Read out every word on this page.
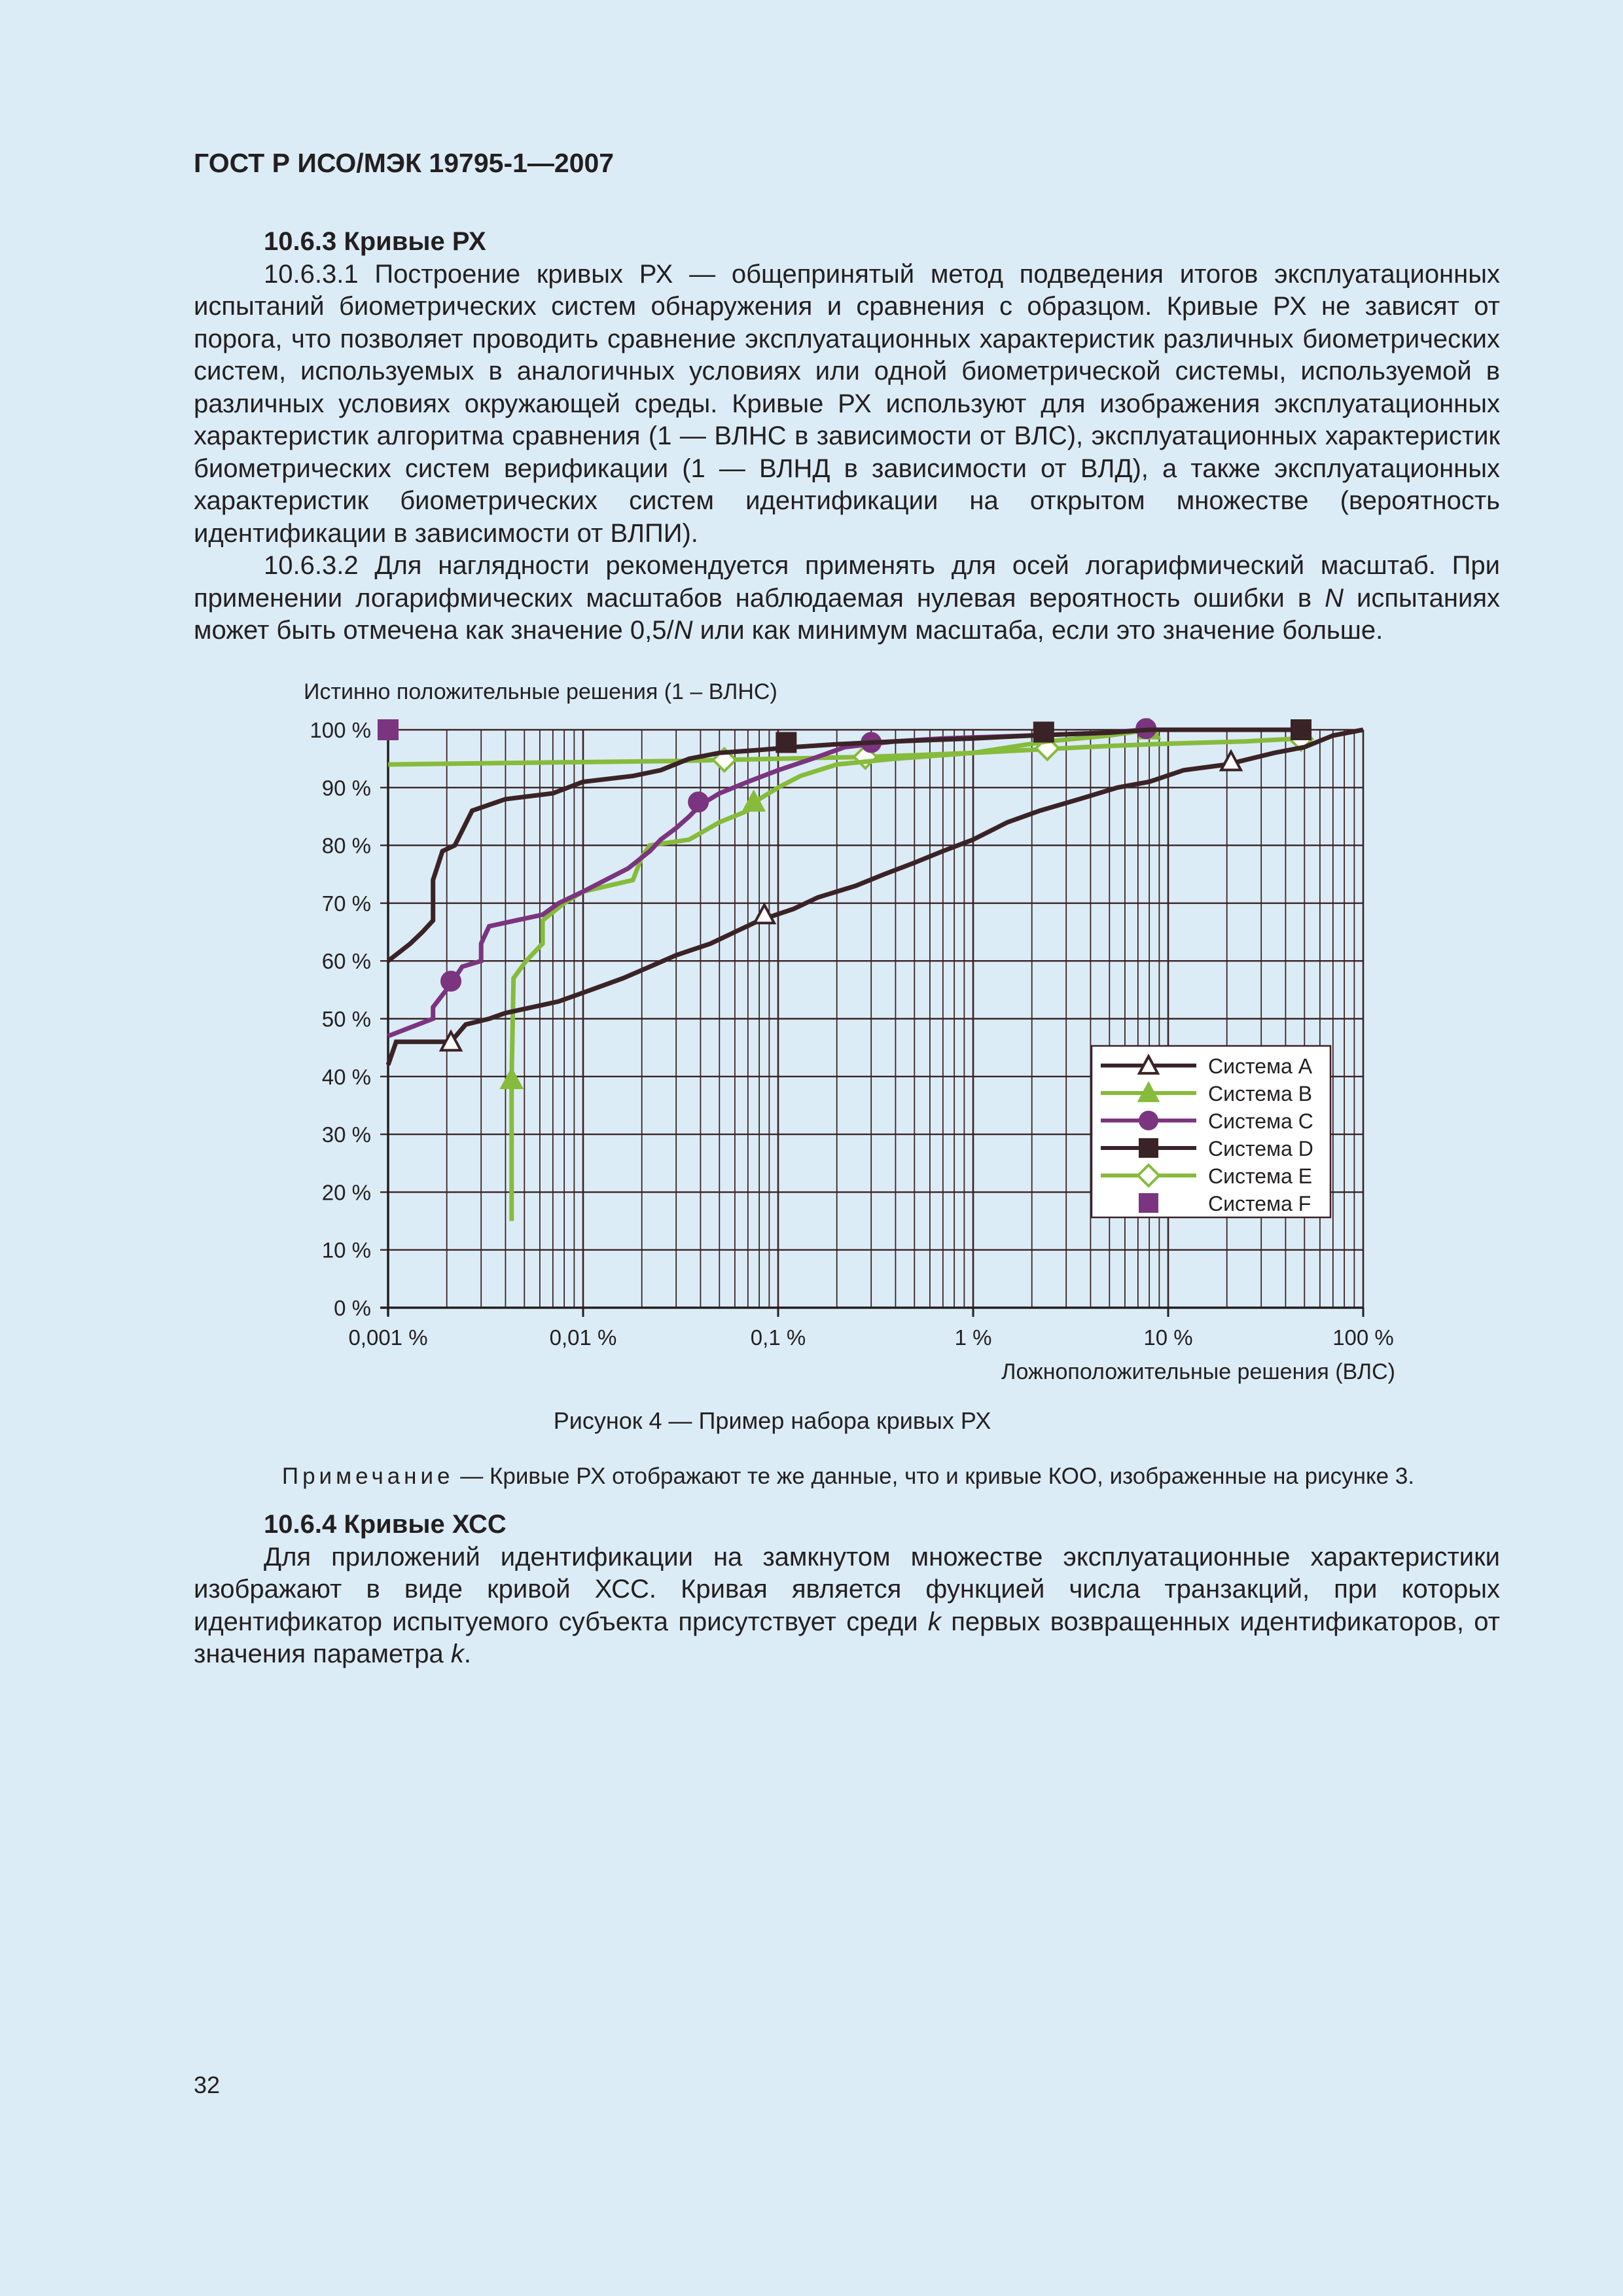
ГОСТ Р ИСО/МЭК 19795-1—2007

10.6.3 Кривые РХ

10.6.3.1 Построение кривых РХ — общепринятый метод подведения итогов эксплуатационных испытаний биометрических систем обнаружения и сравнения с образцом. Кривые РХ не зависят от порога, что позволяет проводить сравнение эксплуатационных характеристик различных биометрических систем, используемых в аналогичных условиях или одной биометрической системы, используемой в различных условиях окружающей среды. Кривые РХ используют для изображения эксплуатационных характеристик алгоритма сравнения (1 — ВЛНС в зависимости от ВЛС), эксплуатационных характеристик биометрических систем верификации (1 — ВЛНД в зависимости от ВЛД), а также эксплуатационных характеристик биометрических систем идентификации на открытом множестве (вероятность идентификации в зависимости от ВЛПИ).

10.6.3.2 Для наглядности рекомендуется применять для осей логарифмический масштаб. При применении логарифмических масштабов наблюдаемая нулевая вероятность ошибки в N испытаниях может быть отмечена как значение 0,5/N или как минимум масштаба, если это значение больше.

0 %
10 %
20 %
30 %
40 %
50 %
60 %
70 %
80 %
90 %
100 %
0,001 %	0,01 %	0,1 %	1 %	10 %	100 %
Истинно положительные решения (1 – ВЛНС)
Ложноположительные решения (ВЛС)
Система A
Система B
Система C
Система D
Система E
Система F
Рисунок 4 — Пример набора кривых РХ
Примечание — Кривые РХ отображают те же данные, что и кривые КОО, изображенные на рисунке 3.

10.6.4 Кривые ХСС

Для приложений идентификации на замкнутом множестве эксплуатационные характеристики изображают в виде кривой ХСС. Кривая является функцией числа транзакций, при которых идентификатор испытуемого субъекта присутствует среди k первых возвращенных идентификаторов, от значения параметра k.

32
